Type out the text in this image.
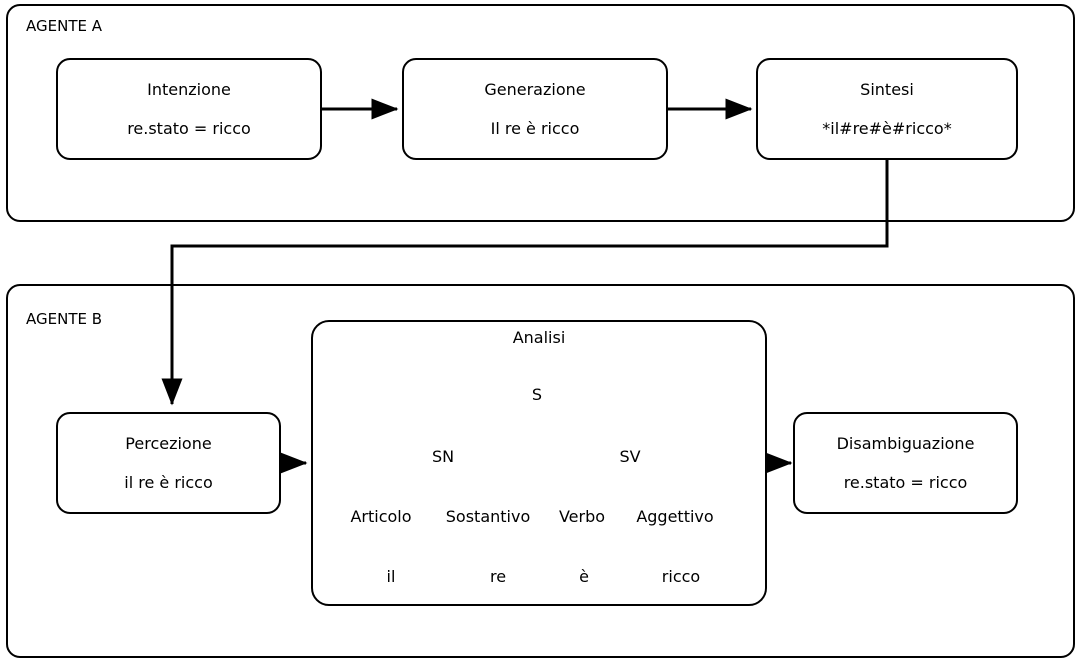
AGENTE A
Intenzione
re.stato = ricco
Generazione
Il re è ricco
Sintesi
*il#re#è#ricco*
AGENTE B
Percezione
il re è ricco
Disambiguazione
re.stato = ricco
Analisi
S
SN	SV
Articolo Sostantivo Verbo Aggettivo
il	re	è	ricco
